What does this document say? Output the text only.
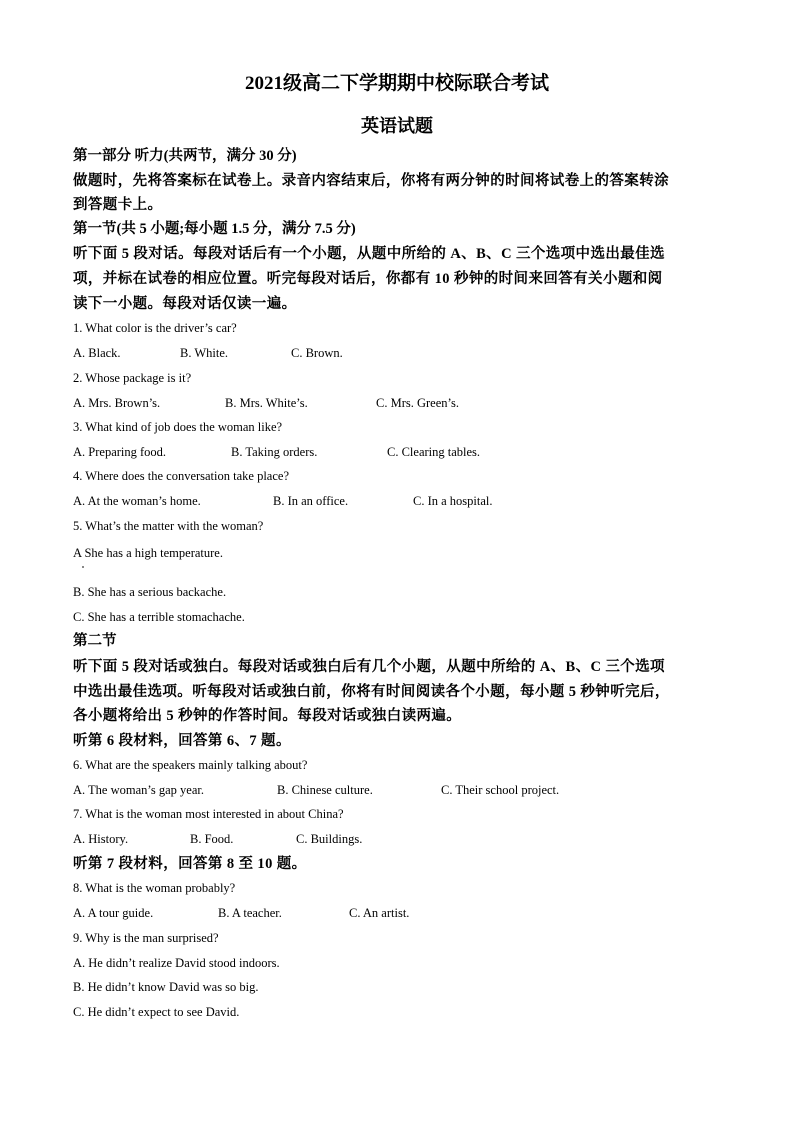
2021级高二下学期期中校际联合考试
英语试题
第一部分 听力(共两节，满分 30 分)
做题时，先将答案标在试卷上。录音内容结束后，你将有两分钟的时间将试卷上的答案转涂
到答题卡上。
第一节(共 5 小题;每小题 1.5 分，满分 7.5 分)
听下面 5 段对话。每段对话后有一个小题，从题中所给的 A、B、C 三个选项中选出最佳选
项，并标在试卷的相应位置。听完每段对话后，你都有 10 秒钟的时间来回答有关小题和阅
读下一小题。每段对话仅读一遍。
1. What color is the driver’s car?
A. Black.	B. White.	C. Brown.
2. Whose package is it?
A. Mrs. Brown’s.	B. Mrs. White’s.	C. Mrs. Green’s.
3. What kind of job does the woman like?
A. Preparing food.	B. Taking orders.	C. Clearing tables.
4. Where does the conversation take place?
A. At the woman’s home.	B. In an office.	C. In a hospital.
5. What’s the matter with the woman?
A She has a high temperature.
B. She has a serious backache.
C. She has a terrible stomachache.
第二节
听下面 5 段对话或独白。每段对话或独白后有几个小题，从题中所给的 A、B、C 三个选项
中选出最佳选项。听每段对话或独白前，你将有时间阅读各个小题，每小题 5 秒钟听完后，
各小题将给出 5 秒钟的作答时间。每段对话或独白读两遍。
听第 6 段材料，回答第 6、7 题。
6. What are the speakers mainly talking about?
A. The woman’s gap year.	B. Chinese culture.	C. Their school project.
7. What is the woman most interested in about China?
A. History.	B. Food.	C. Buildings.
听第 7 段材料，回答第 8 至 10 题。
8. What is the woman probably?
A. A tour guide.	B. A teacher.	C. An artist.
9. Why is the man surprised?
A. He didn’t realize David stood indoors.
B. He didn’t know David was so big.
C. He didn’t expect to see David.
